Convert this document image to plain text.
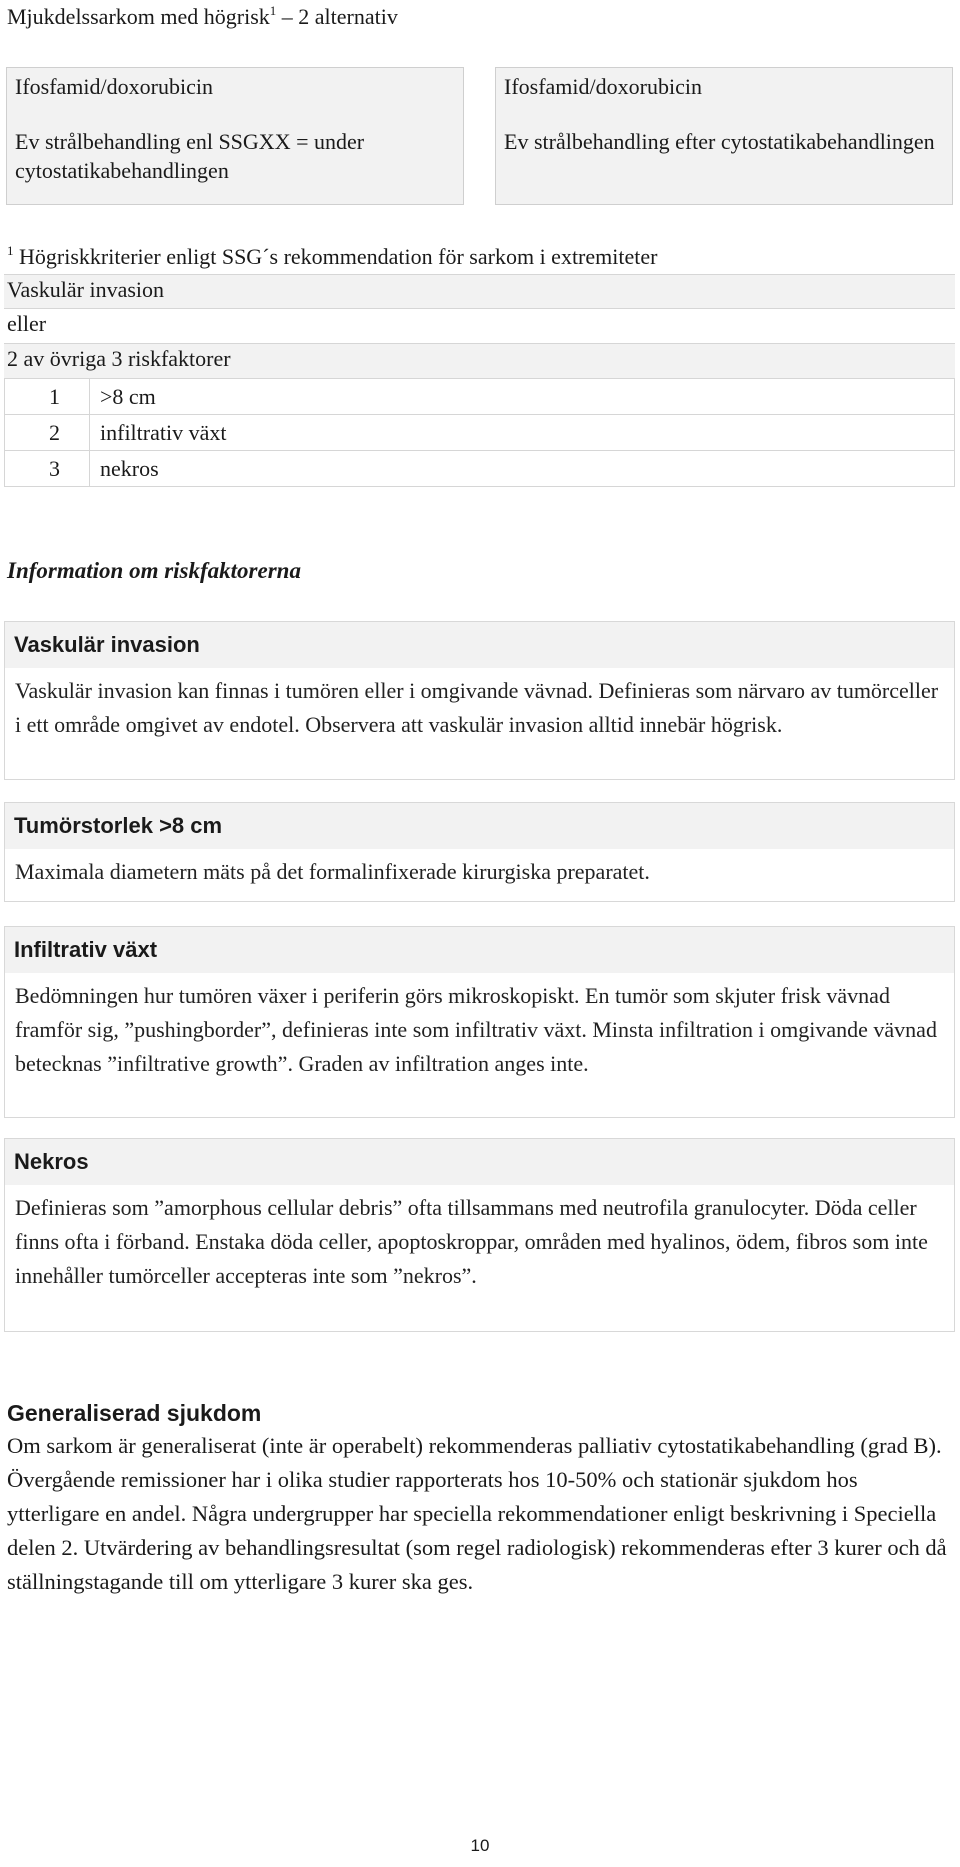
Mjukdelssarkom med högrisk$^1$ – 2 alternativ
Ifosfamid/doxorubicin
Ev strålbehandling enl SSGXX = under cytostatikabehandlingen
Ifosfamid/doxorubicin
Ev strålbehandling efter cytostatikabehandlingen
$^1$ Högriskkriterier enligt SSG´s rekommendation för sarkom i extremiteter
Vaskulär invasion
eller
2 av övriga 3 riskfaktorer
1	>8 cm
2	infiltrativ växt
3	nekros
Information om riskfaktorerna
Vaskulär invasion
Vaskulär invasion kan finnas i tumören eller i omgivande vävnad. Definieras som närvaro av tumörceller i ett område omgivet av endotel. Observera att vaskulär invasion alltid innebär högrisk.
Tumörstorlek >8 cm
Maximala diametern mäts på det formalinfixerade kirurgiska preparatet.
Infiltrativ växt
Bedömningen hur tumören växer i periferin görs mikroskopiskt. En tumör som skjuter frisk vävnad framför sig, ”pushingborder”, definieras inte som infiltrativ växt. Minsta infiltration i omgivande vävnad betecknas ”infiltrative growth”. Graden av infiltration anges inte.
Nekros
Definieras som ”amorphous cellular debris” ofta tillsammans med neutrofila granulocyter. Döda celler finns ofta i förband. Enstaka döda celler, apoptoskroppar, områden med hyalinos, ödem, fibros som inte innehåller tumörceller accepteras inte som ”nekros”.
Generaliserad sjukdom
Om sarkom är generaliserat (inte är operabelt) rekommenderas palliativ cytostatikabehandling (grad B). Övergående remissioner har i olika studier rapporterats hos 10-50% och stationär sjukdom hos ytterligare en andel. Några undergrupper har speciella rekommendationer enligt beskrivning i Speciella delen 2. Utvärdering av behandlingsresultat (som regel radiologisk) rekommenderas efter 3 kurer och då ställningstagande till om ytterligare 3 kurer ska ges.
10
